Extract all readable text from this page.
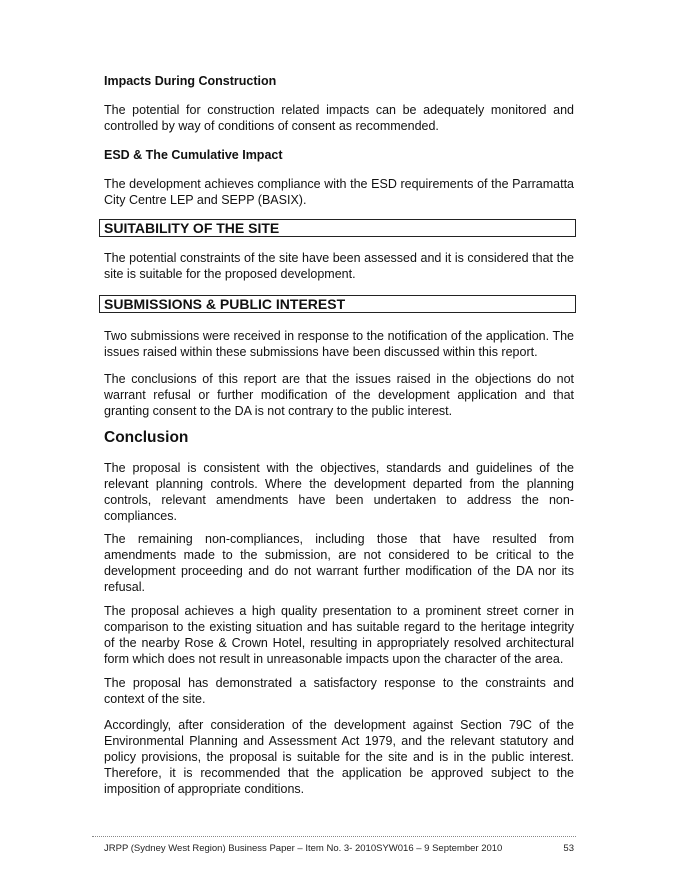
Impacts During Construction

The potential for construction related impacts can be adequately monitored and controlled by way of conditions of consent as recommended.

ESD & The Cumulative Impact

The development achieves compliance with the ESD requirements of the Parramatta City Centre LEP and SEPP (BASIX).

SUITABILITY OF THE SITE

The potential constraints of the site have been assessed and it is considered that the site is suitable for the proposed development.

SUBMISSIONS & PUBLIC INTEREST

Two submissions were received in response to the notification of the application. The issues raised within these submissions have been discussed within this report.

The conclusions of this report are that the issues raised in the objections do not warrant refusal or further modification of the development application and that granting consent to the DA is not contrary to the public interest.

Conclusion

The proposal is consistent with the objectives, standards and guidelines of the relevant planning controls. Where the development departed from the planning controls, relevant amendments have been undertaken to address the non-compliances.

The remaining non-compliances, including those that have resulted from amendments made to the submission, are not considered to be critical to the development proceeding and do not warrant further modification of the DA nor its refusal.

The proposal achieves a high quality presentation to a prominent street corner in comparison to the existing situation and has suitable regard to the heritage integrity of the nearby Rose & Crown Hotel, resulting in appropriately resolved architectural form which does not result in unreasonable impacts upon the character of the area.

The proposal has demonstrated a satisfactory response to the constraints and context of the site.

Accordingly, after consideration of the development against Section 79C of the Environmental Planning and Assessment Act 1979, and the relevant statutory and policy provisions, the proposal is suitable for the site and is in the public interest. Therefore, it is recommended that the application be approved subject to the imposition of appropriate conditions.

JRPP (Sydney West Region) Business Paper – Item No. 3- 2010SYW016 – 9 September 2010	53
